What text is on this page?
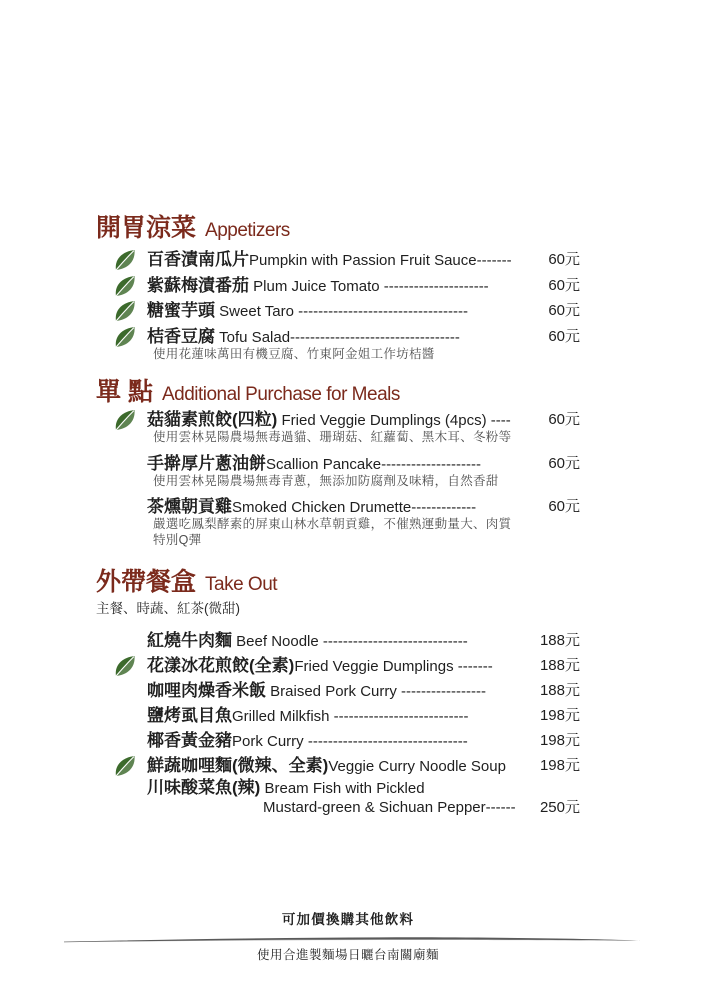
開胃涼菜 Appetizers
百香漬南瓜片Pumpkin with Passion Fruit Sauce-------	60元
紫蘇梅漬番茄 Plum Juice Tomato ---------------------	60元
糖蜜芋頭 Sweet Taro ----------------------------------	60元
桔香豆腐 Tofu Salad----------------------------------	60元
使用花蓮味萬田有機豆腐、竹東阿金姐工作坊桔醬
單 點 Additional Purchase for Meals
菇貓素煎餃(四粒) Fried Veggie Dumplings (4pcs) ----	60元
使用雲林晃陽農場無毒過貓、珊瑚菇、紅蘿蔔、黑木耳、冬粉等
手擀厚片蔥油餅Scallion Pancake--------------------	60元
使用雲林晃陽農場無毒青蔥，無添加防腐劑及味精，自然香甜
茶燻朝貢雞Smoked Chicken Drumette-------------	60元
嚴選吃鳳梨酵素的屏東山林水草朝貢雞，不催熟運動量大、肉質
特別Q彈
外帶餐盒 Take Out
主餐、時蔬、紅茶(微甜)
紅燒牛肉麵 Beef Noodle -----------------------------	188元
花漾冰花煎餃(全素)Fried Veggie Dumplings -------	188元
咖哩肉燥香米飯 Braised Pork Curry -----------------	188元
鹽烤虱目魚Grilled Milkfish ---------------------------	198元
椰香黃金豬Pork Curry --------------------------------	198元
鮮蔬咖哩麵(微辣、全素)Veggie Curry Noodle Soup	198元
川味酸菜魚(辣) Bream Fish with Pickled
Mustard-green & Sichuan Pepper------	250元
可加價換購其他飲料
使用合進製麵場日曬台南關廟麵
